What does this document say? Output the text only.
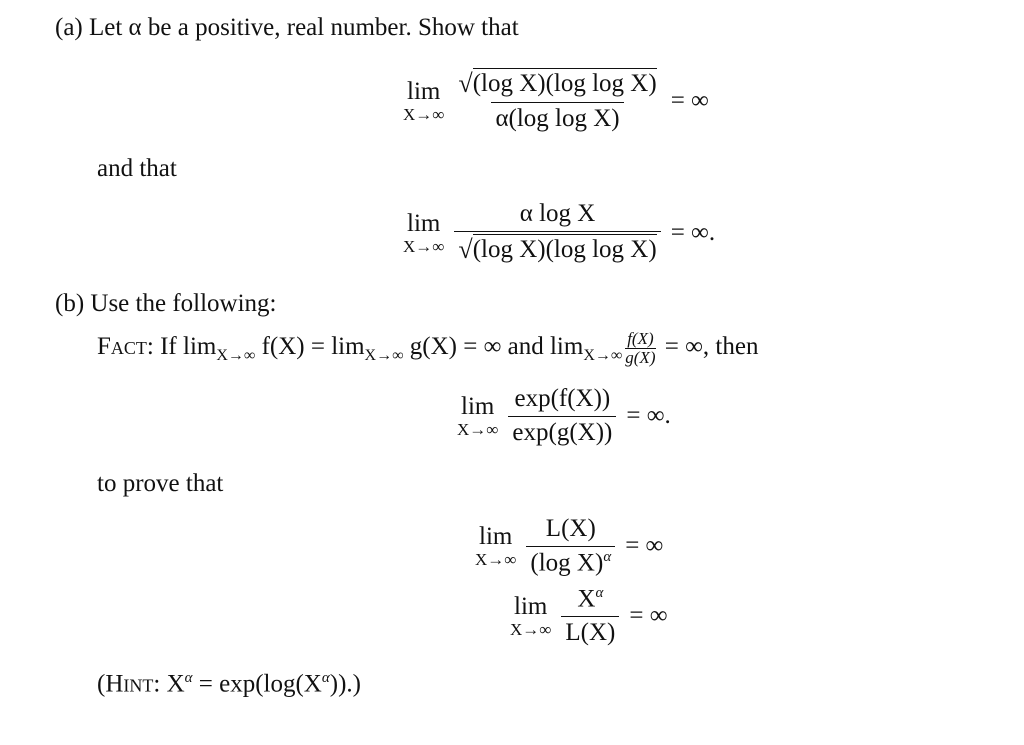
(a) Let α be a positive, real number. Show that
lim
$X\to\infty \frac{\text{√ (log X)(log log X)}}{\text{α(log log X)}}$ = ∞
and that
lim
$X\to\infty \frac{\text{α log X}}{\text{√ (log X)(log log X)}}$ = ∞.
(b) Use the following:
Fact: If $\lim_{X\to\infty} f(X) = \lim_{X\to\infty} g(X)$ = ∞ and $\lim_{X\to\infty} \frac{f(X)}{g(X)}$ = ∞, then
lim
$X\to\infty \frac{\exp(f(X))}{\exp(g(X))}$ = ∞.
to prove that
lim
$X\to\infty \frac{L(X)}{(\log X)^\alpha}$ = ∞
lim
$X\to\infty \frac{X^\alpha}{L(X)}$ = ∞
(Hint: $X^\alpha = \exp(\log(X^\alpha))$.)
